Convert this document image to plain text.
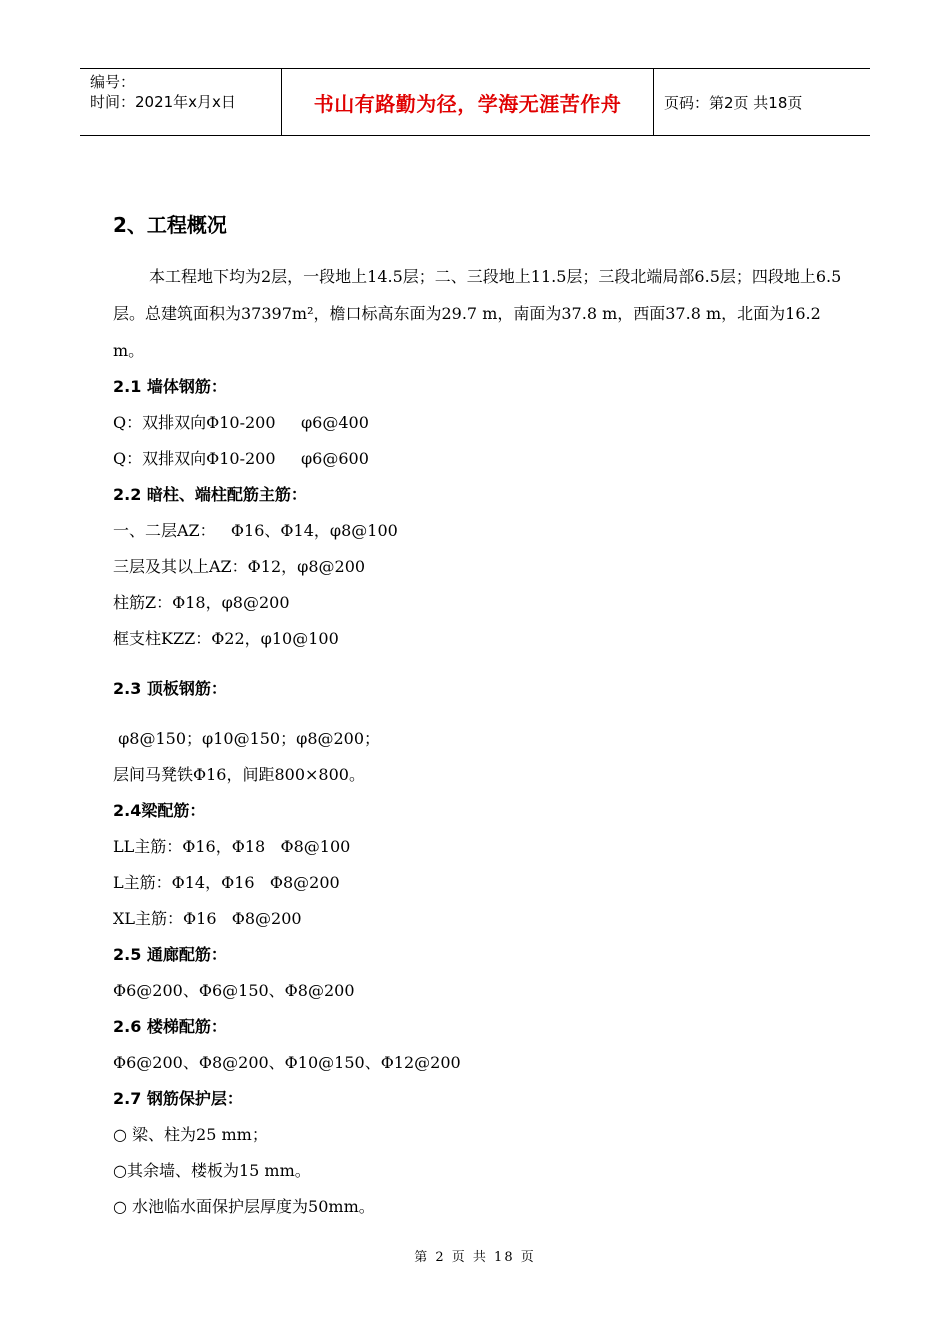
编号：
时间：2021年x月x日	书山有路勤为径，学海无涯苦作舟	页码：第2页 共18页
2、工程概况

本工程地下均为2层，一段地上14.5层；二、三段地上11.5层；三段北端局部6.5层；四段地上6.5层。总建筑面积为37397m²，檐口标高东面为29.7 m，南面为37.8 m，西面37.8 m，北面为16.2 m。

2.1 墙体钢筋：
Q：双排双向Φ10-200     φ6@400
Q：双排双向Φ10-200     φ6@600
2.2 暗柱、端柱配筋主筋：
一、二层AZ：   Φ16、Φ14，φ8@100
三层及其以上AZ：Φ12，φ8@200
柱筋Z：Φ18，φ8@200
框支柱KZZ：Φ22，φ10@100
2.3 顶板钢筋：
φ8@150；φ10@150；φ8@200；
层间马凳铁Φ16，间距800×800。
2.4梁配筋：
LL主筋：Φ16，Φ18   Φ8@100
L主筋：Φ14，Φ16   Φ8@200
XL主筋：Φ16   Φ8@200
2.5 通廊配筋：
Φ6@200、Φ6@150、Φ8@200
2.6 楼梯配筋：
Φ6@200、Φ8@200、Φ10@150、Φ12@200
2.7 钢筋保护层：
○ 梁、柱为25 mm；
○其余墙、楼板为15 mm。
○ 水池临水面保护层厚度为50mm。
第 2 页 共 18 页
